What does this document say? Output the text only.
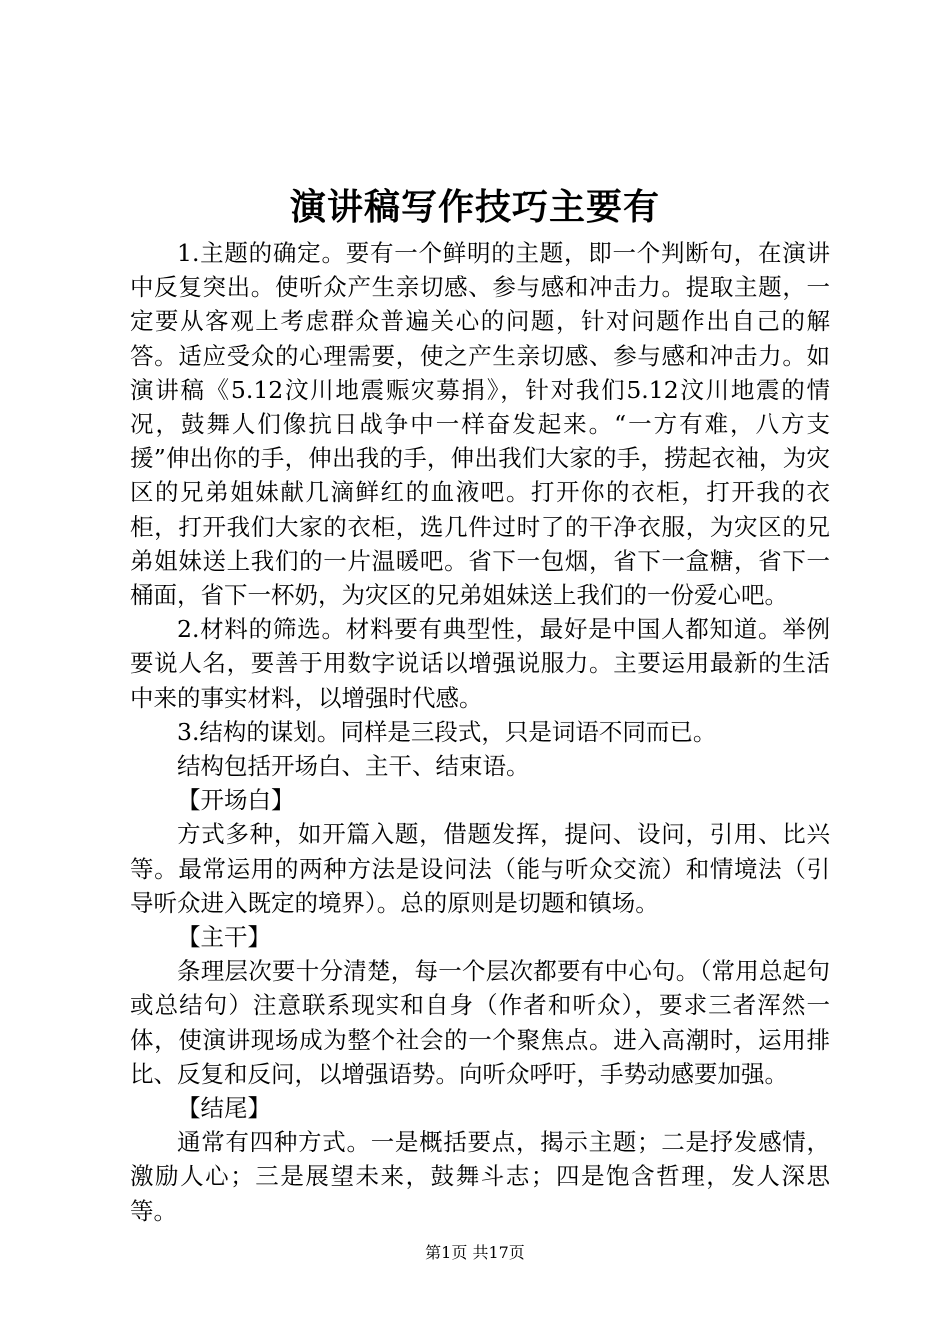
演讲稿写作技巧主要有

1.主题的确定。要有一个鲜明的主题，即一个判断句，在演讲中反复突出。使听众产生亲切感、参与感和冲击力。提取主题，一定要从客观上考虑群众普遍关心的问题，针对问题作出自己的解答。适应受众的心理需要，使之产生亲切感、参与感和冲击力。如演讲稿《5.12汶川地震赈灾募捐》，针对我们5.12汶川地震的情况，鼓舞人们像抗日战争中一样奋发起来。“一方有难，八方支援”伸出你的手，伸出我的手，伸出我们大家的手，捞起衣袖，为灾区的兄弟姐妹献几滴鲜红的血液吧。打开你的衣柜，打开我的衣柜，打开我们大家的衣柜，选几件过时了的干净衣服，为灾区的兄弟姐妹送上我们的一片温暖吧。省下一包烟，省下一盒糖，省下一桶面，省下一杯奶，为灾区的兄弟姐妹送上我们的一份爱心吧。

2.材料的筛选。材料要有典型性，最好是中国人都知道。举例要说人名，要善于用数字说话以增强说服力。主要运用最新的生活中来的事实材料，以增强时代感。

3.结构的谋划。同样是三段式，只是词语不同而已。

结构包括开场白、主干、结束语。

【开场白】

方式多种，如开篇入题，借题发挥，提问、设问，引用、比兴等。最常运用的两种方法是设问法（能与听众交流）和情境法（引导听众进入既定的境界）。总的原则是切题和镇场。

【主干】

条理层次要十分清楚，每一个层次都要有中心句。（常用总起句或总结句）注意联系现实和自身（作者和听众），要求三者浑然一体，使演讲现场成为整个社会的一个聚焦点。进入高潮时，运用排比、反复和反问，以增强语势。向听众呼吁，手势动感要加强。

【结尾】

通常有四种方式。一是概括要点，揭示主题；二是抒发感情，激励人心；三是展望未来，鼓舞斗志；四是饱含哲理，发人深思等。

第1页 共17页
